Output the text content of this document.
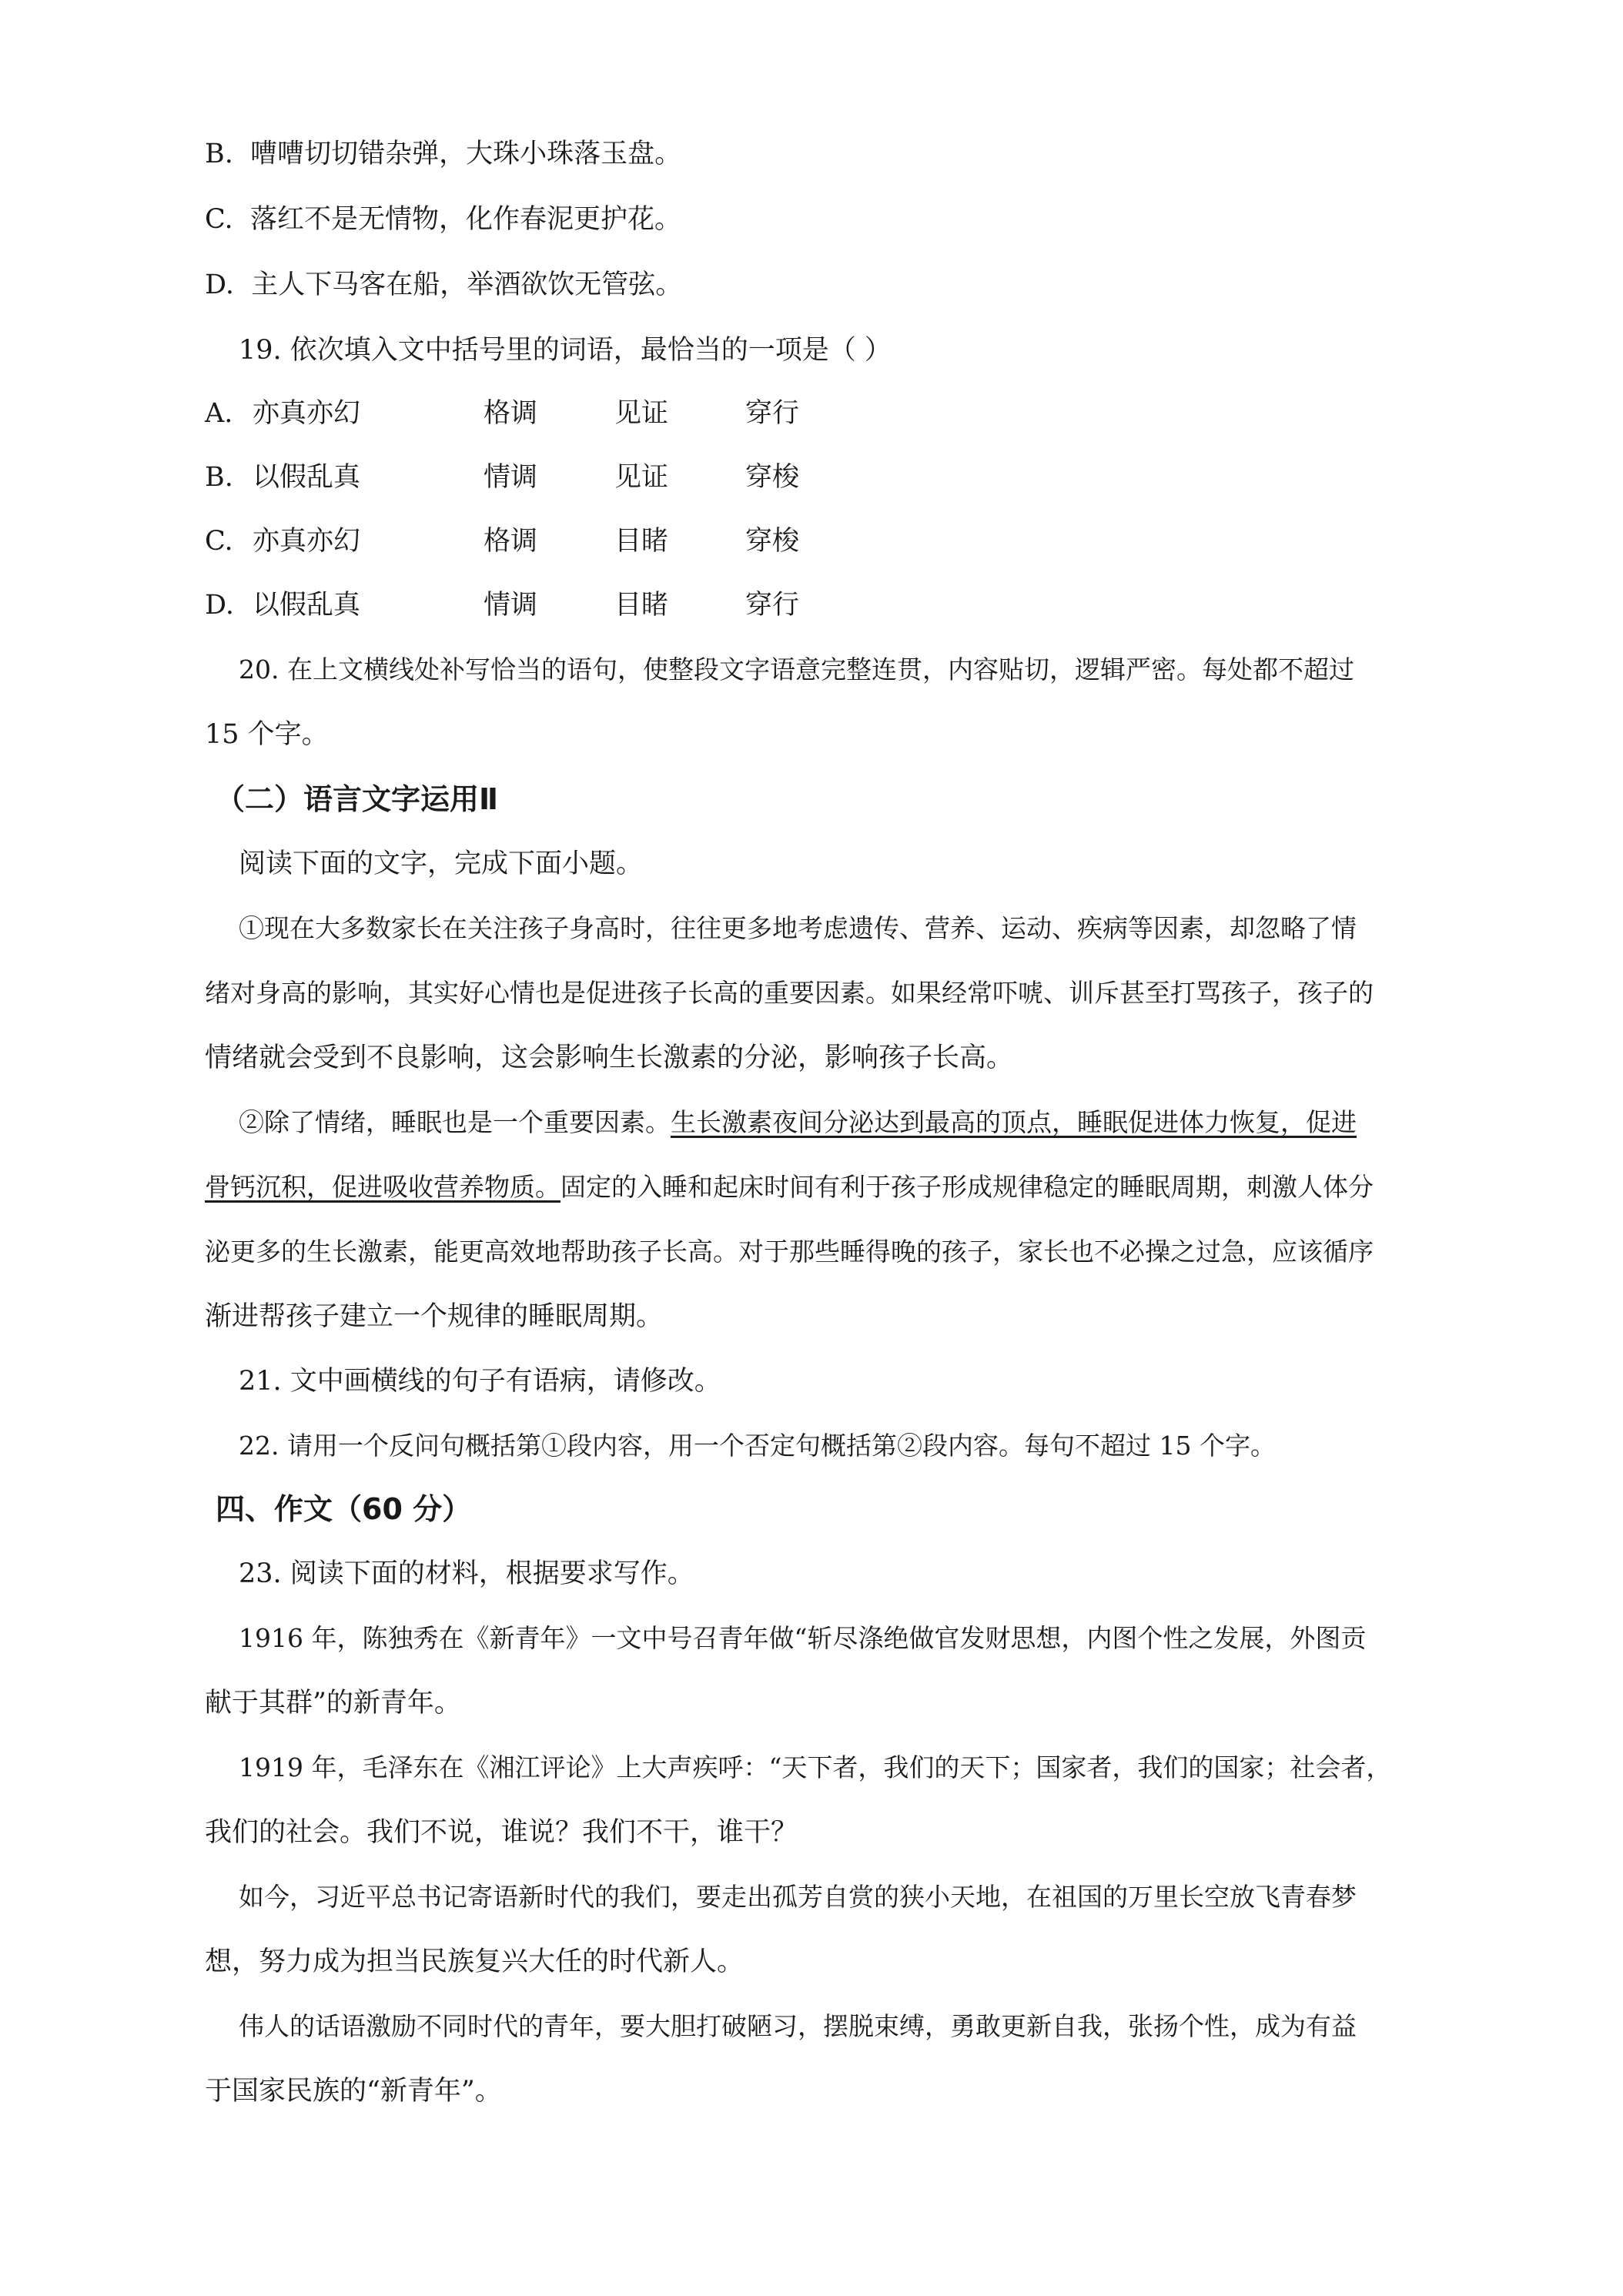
B. 嘈嘈切切错杂弹，大珠小珠落玉盘。
C. 落红不是无情物，化作春泥更护花。
D. 主人下马客在船，举酒欲饮无管弦。
19. 依次填入文中括号里的词语，最恰当的一项是（ ）
A. 亦真亦幻	格调	见证	穿行
B. 以假乱真	情调	见证	穿梭
C. 亦真亦幻	格调	目睹	穿梭
D. 以假乱真	情调	目睹	穿行
20. 在上文横线处补写恰当的语句，使整段文字语意完整连贯，内容贴切，逻辑严密。每处都不超过
15 个字。
（二）语言文字运用Ⅱ
阅读下面的文字，完成下面小题。
①现在大多数家长在关注孩子身高时，往往更多地考虑遗传、营养、运动、疾病等因素，却忽略了情
绪对身高的影响，其实好心情也是促进孩子长高的重要因素。如果经常吓唬、训斥甚至打骂孩子，孩子的
情绪就会受到不良影响，这会影响生长激素的分泌，影响孩子长高。
②除了情绪，睡眠也是一个重要因素。生长激素夜间分泌达到最高的顶点，睡眠促进体力恢复，促进
骨钙沉积，促进吸收营养物质。固定的入睡和起床时间有利于孩子形成规律稳定的睡眠周期，刺激人体分
泌更多的生长激素，能更高效地帮助孩子长高。对于那些睡得晚的孩子，家长也不必操之过急，应该循序
渐进帮孩子建立一个规律的睡眠周期。
21. 文中画横线的句子有语病，请修改。
22. 请用一个反问句概括第①段内容，用一个否定句概括第②段内容。每句不超过 15 个字。
四、作文（60 分）
23. 阅读下面的材料，根据要求写作。
1916 年，陈独秀在《新青年》一文中号召青年做“斩尽涤绝做官发财思想，内图个性之发展，外图贡
献于其群”的新青年。
1919 年，毛泽东在《湘江评论》上大声疾呼：“天下者，我们的天下；国家者，我们的国家；社会者，
我们的社会。我们不说，谁说？我们不干，谁干？
如今，习近平总书记寄语新时代的我们，要走出孤芳自赏的狭小天地，在祖国的万里长空放飞青春梦
想，努力成为担当民族复兴大任的时代新人。
伟人的话语激励不同时代的青年，要大胆打破陋习，摆脱束缚，勇敢更新自我，张扬个性，成为有益
于国家民族的“新青年”。
